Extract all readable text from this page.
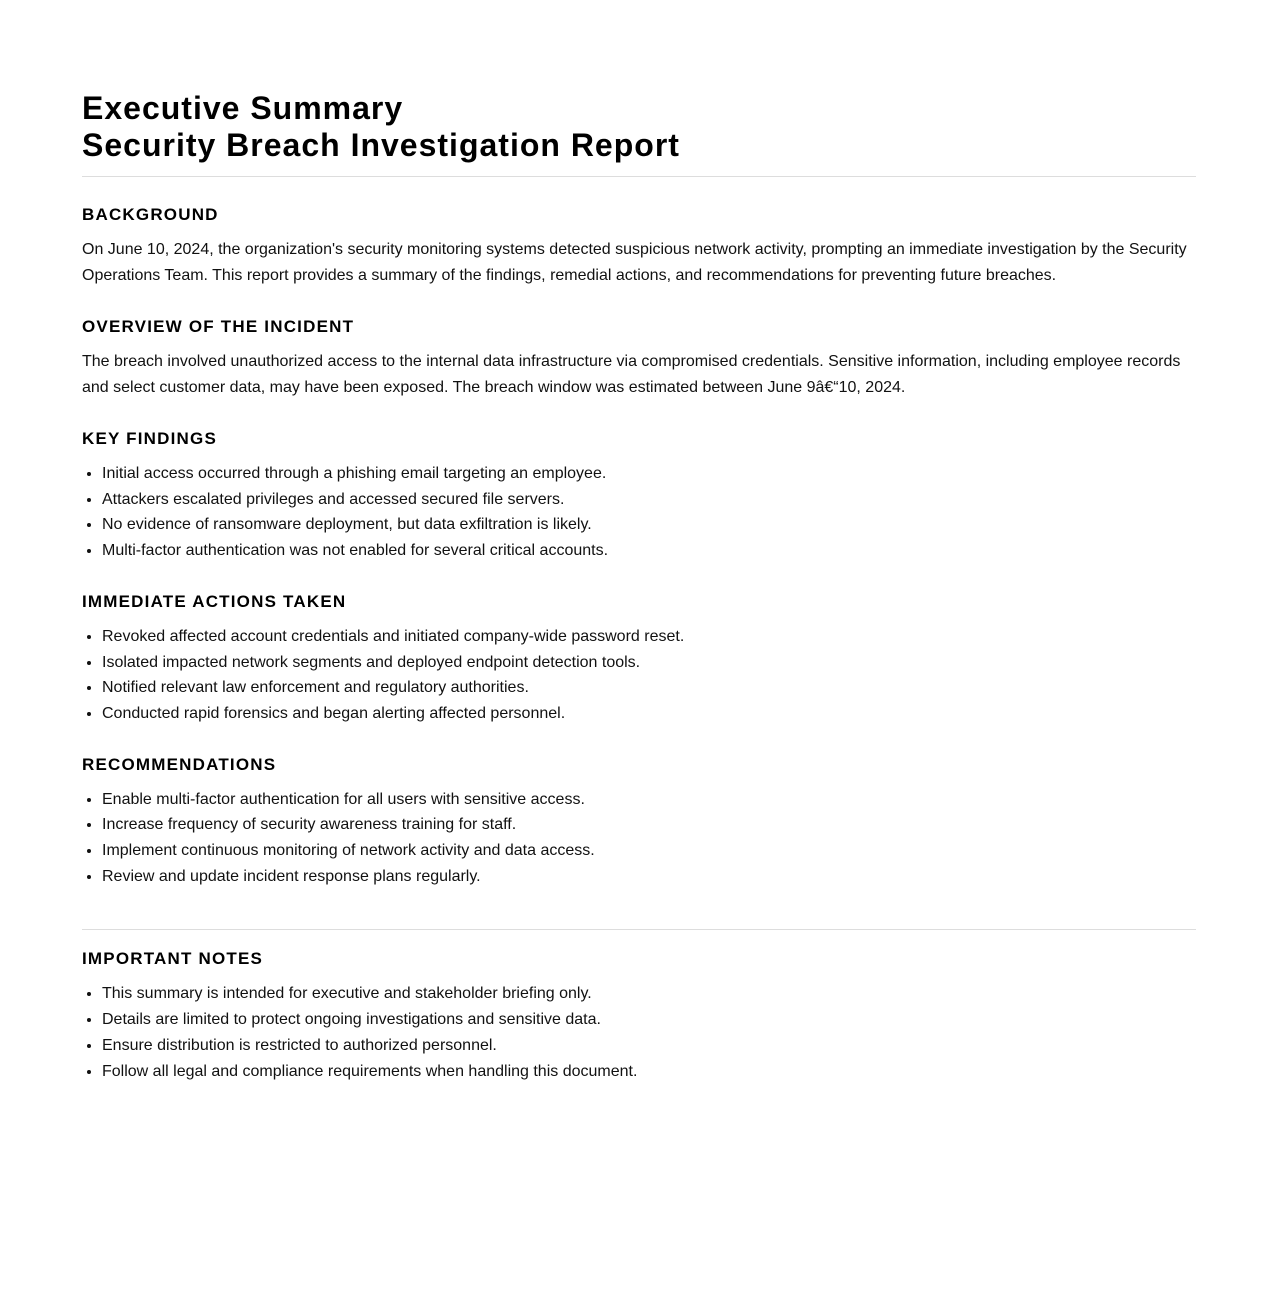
Executive Summary
Security Breach Investigation Report
BACKGROUND

On June 10, 2024, the organization's security monitoring systems detected suspicious network activity, prompting an immediate investigation by the Security Operations Team. This report provides a summary of the findings, remedial actions, and recommendations for preventing future breaches.

OVERVIEW OF THE INCIDENT

The breach involved unauthorized access to the internal data infrastructure via compromised credentials. Sensitive information, including employee records and select customer data, may have been exposed. The breach window was estimated between June 9â€“10, 2024.

KEY FINDINGS
• Initial access occurred through a phishing email targeting an employee.
• Attackers escalated privileges and accessed secured file servers.
• No evidence of ransomware deployment, but data exfiltration is likely.
• Multi-factor authentication was not enabled for several critical accounts.
IMMEDIATE ACTIONS TAKEN
• Revoked affected account credentials and initiated company-wide password reset.
• Isolated impacted network segments and deployed endpoint detection tools.
• Notified relevant law enforcement and regulatory authorities.
• Conducted rapid forensics and began alerting affected personnel.
RECOMMENDATIONS
• Enable multi-factor authentication for all users with sensitive access.
• Increase frequency of security awareness training for staff.
• Implement continuous monitoring of network activity and data access.
• Review and update incident response plans regularly.
IMPORTANT NOTES
• This summary is intended for executive and stakeholder briefing only.
• Details are limited to protect ongoing investigations and sensitive data.
• Ensure distribution is restricted to authorized personnel.
• Follow all legal and compliance requirements when handling this document.
